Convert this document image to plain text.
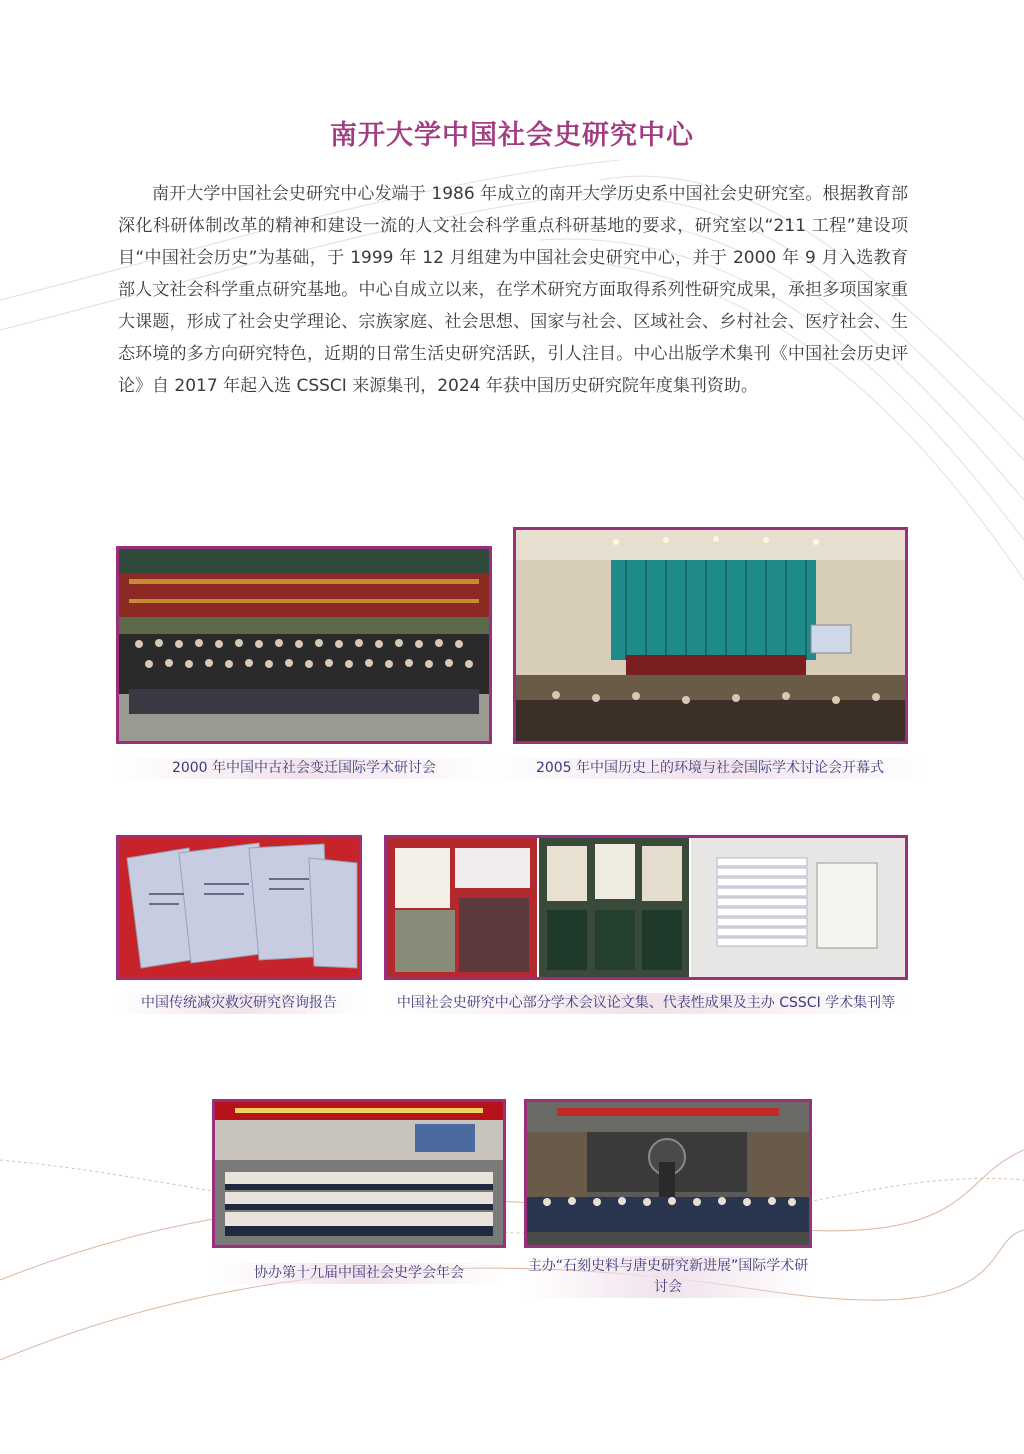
南开大学中国社会史研究中心

南开大学中国社会史研究中心发端于 1986 年成立的南开大学历史系中国社会史研究室。根据教育部深化科研体制改革的精神和建设一流的人文社会科学重点科研基地的要求，研究室以“211 工程”建设项目“中国社会历史”为基础，于 1999 年 12 月组建为中国社会史研究中心，并于 2000 年 9 月入选教育部人文社会科学重点研究基地。中心自成立以来，在学术研究方面取得系列性研究成果，承担多项国家重大课题，形成了社会史学理论、宗族家庭、社会思想、国家与社会、区域社会、乡村社会、医疗社会、生态环境的多方向研究特色，近期的日常生活史研究活跃，引人注目。中心出版学术集刊《中国社会历史评论》自 2017 年起入选 CSSCI 来源集刊，2024 年获中国历史研究院年度集刊资助。

2000 年中国中古社会变迁国际学术研讨会	2005 年中国历史上的环境与社会国际学术讨论会开幕式
中国传统减灾救灾研究咨询报告	中国社会史研究中心部分学术会议论文集、代表性成果及主办 CSSCI 学术集刊等
协办第十九届中国社会史学会年会	主办“石刻史料与唐史研究新进展”国际学术研讨会
